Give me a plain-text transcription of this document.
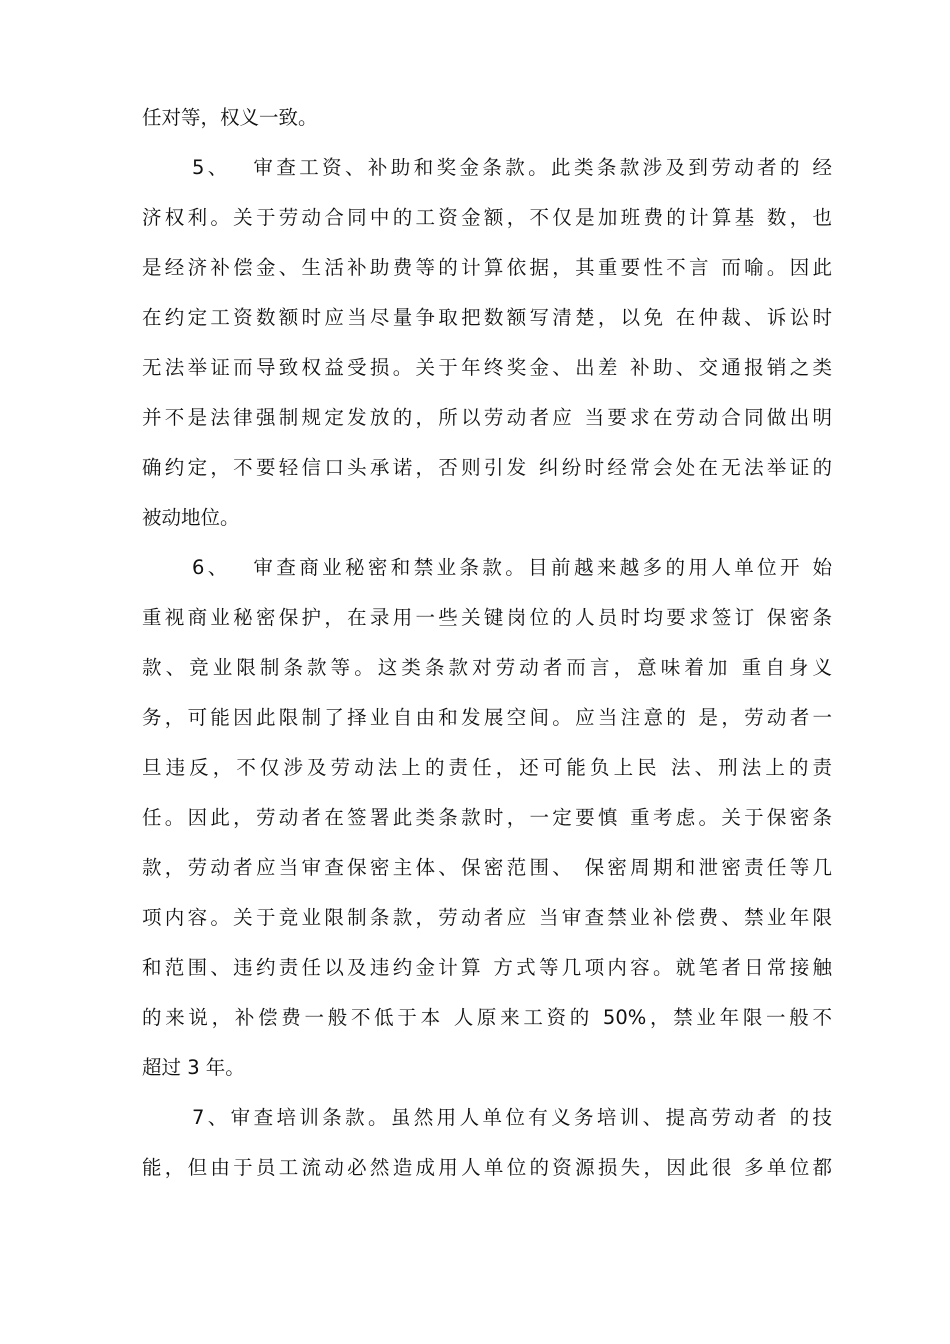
任对等，权义一致。
5、　 审查工资、补助和奖金条款。此类条款涉及到劳动者的 经
济权利。关于劳动合同中的工资金额，不仅是加班费的计算基 数，也
是经济补偿金、生活补助费等的计算依据，其重要性不言 而喻。因此
在约定工资数额时应当尽量争取把数额写清楚，以免 在仲裁、诉讼时
无法举证而导致权益受损。关于年终奖金、出差 补助、交通报销之类
并不是法律强制规定发放的，所以劳动者应 当要求在劳动合同做出明
确约定，不要轻信口头承诺，否则引发 纠纷时经常会处在无法举证的
被动地位。
6、　 审查商业秘密和禁业条款。目前越来越多的用人单位开 始
重视商业秘密保护，在录用一些关键岗位的人员时均要求签订 保密条
款、竞业限制条款等。这类条款对劳动者而言，意味着加 重自身义
务，可能因此限制了择业自由和发展空间。应当注意的 是，劳动者一
旦违反，不仅涉及劳动法上的责任，还可能负上民 法、刑法上的责
任。因此，劳动者在签署此类条款时，一定要慎 重考虑。关于保密条
款，劳动者应当审查保密主体、保密范围、 保密周期和泄密责任等几
项内容。关于竞业限制条款，劳动者应 当审查禁业补偿费、禁业年限
和范围、违约责任以及违约金计算 方式等几项内容。就笔者日常接触
的来说，补偿费一般不低于本 人原来工资的 50%，禁业年限一般不
超过 3 年。
7、审查培训条款。虽然用人单位有义务培训、提高劳动者 的技
能，但由于员工流动必然造成用人单位的资源损失，因此很 多单位都
